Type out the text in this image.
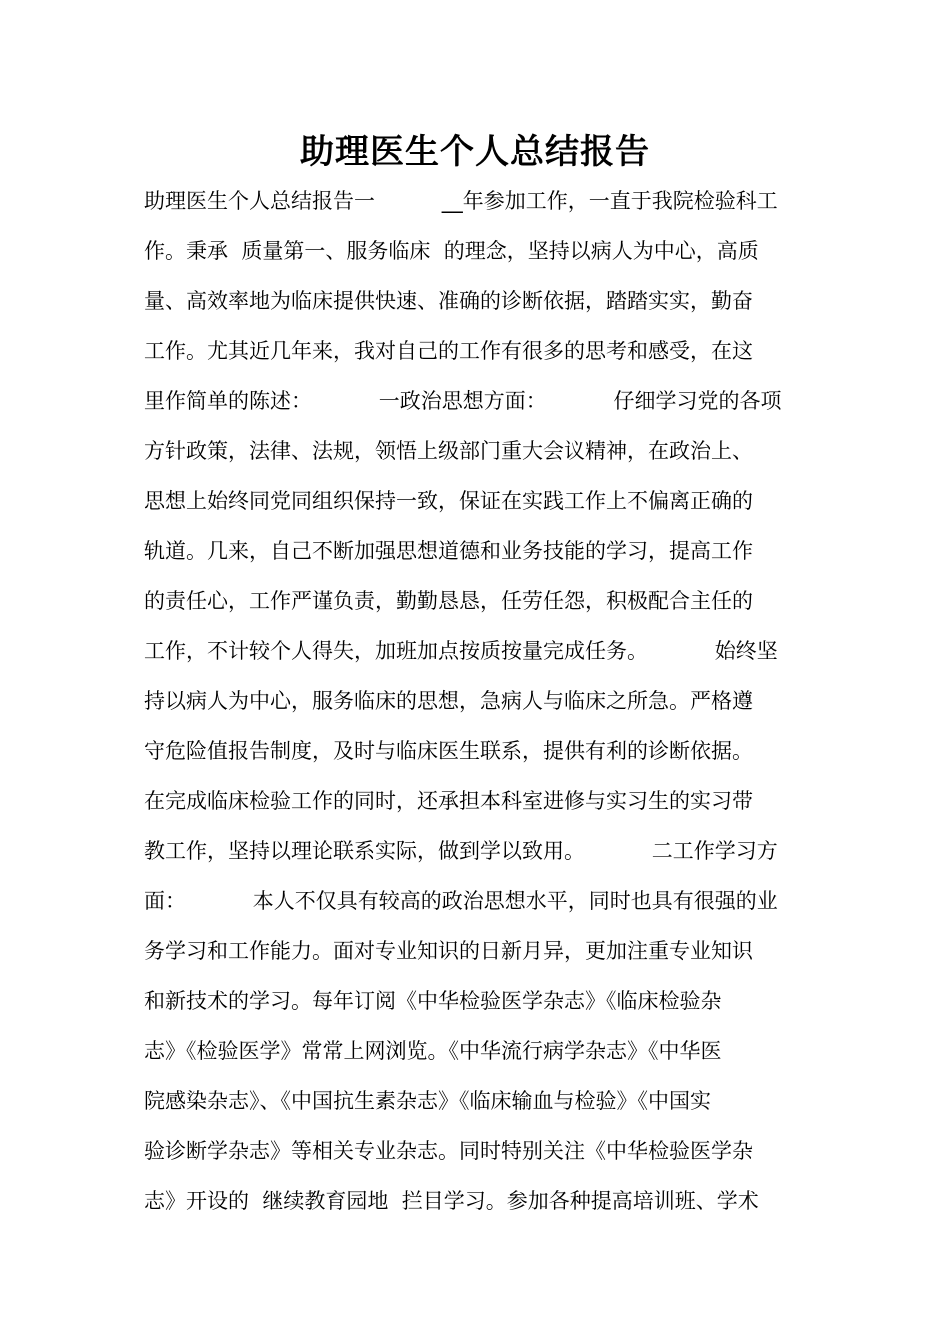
助理医生个人总结报告
助理医生个人总结报告一          __年参加工作，一直于我院检验科工
作。秉承  质量第一、服务临床  的理念，坚持以病人为中心，高质
量、高效率地为临床提供快速、准确的诊断依据，踏踏实实，勤奋
工作。尤其近几年来，我对自己的工作有很多的思考和感受，在这
里作简单的陈述：          一政治思想方面：          仔细学习党的各项
方针政策，法律、法规，领悟上级部门重大会议精神，在政治上、
思想上始终同党同组织保持一致，保证在实践工作上不偏离正确的
轨道。几来，自己不断加强思想道德和业务技能的学习，提高工作
的责任心，工作严谨负责，勤勤恳恳，任劳任怨，积极配合主任的
工作，不计较个人得失，加班加点按质按量完成任务。          始终坚
持以病人为中心，服务临床的思想，急病人与临床之所急。严格遵
守危险值报告制度，及时与临床医生联系，提供有利的诊断依据。
在完成临床检验工作的同时，还承担本科室进修与实习生的实习带
教工作，坚持以理论联系实际，做到学以致用。          二工作学习方
面：          本人不仅具有较高的政治思想水平，同时也具有很强的业
务学习和工作能力。面对专业知识的日新月异，更加注重专业知识
和新技术的学习。每年订阅《中华检验医学杂志》《临床检验杂
志》《检验医学》常常上网浏览。《中华流行病学杂志》《中华医
院感染杂志》、《中国抗生素杂志》《临床输血与检验》《中国实
验诊断学杂志》等相关专业杂志。同时特别关注《中华检验医学杂
志》开设的  继续教育园地  拦目学习。参加各种提高培训班、学术
